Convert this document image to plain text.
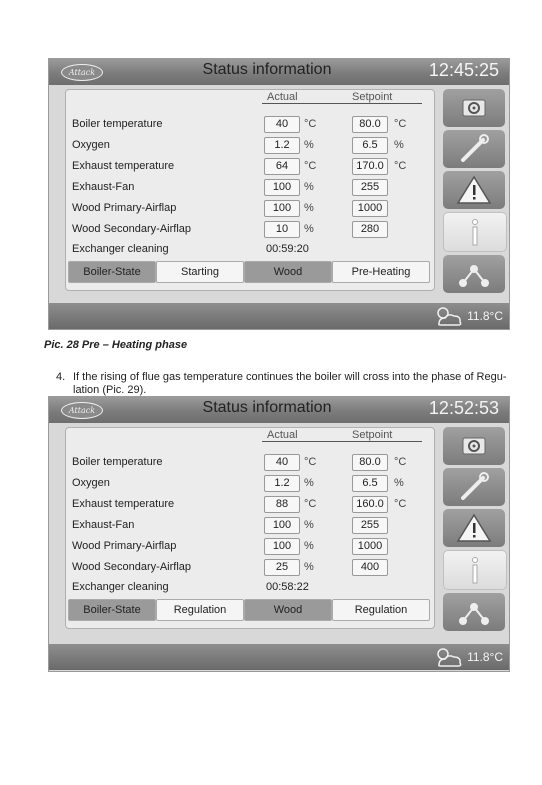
Attack	Status information	12:45:25
Actual	Setpoint
Boiler temperature	40	°C	80.0	°C
Oxygen	1.2	%	6.5	%
Exhaust temperature	64	°C	170.0 °C
Exhaust-Fan	100	%	255
Wood Primary-Airflap	100	%	1000
Wood Secondary-Airflap	10	%	280
Exchanger cleaning	00:59:20
Boiler-State	Starting	Wood	Pre-Heating
11.8°C
Pic. 28 Pre – Heating phase
4. If the rising of flue gas temperature continues the boiler will cross into the phase of Regu-lation (Pic. 29).
Attack	Status information	12:52:53
Actual	Setpoint
Boiler temperature	40	°C	80.0	°C
Oxygen	1.2	%	6.5	%
Exhaust temperature	88	°C	160.0 °C
Exhaust-Fan	100	%	255
Wood Primary-Airflap	100	%	1000
Wood Secondary-Airflap	25	%	400
Exchanger cleaning	00:58:22
Boiler-State	Regulation	Wood	Regulation
11.8°C
